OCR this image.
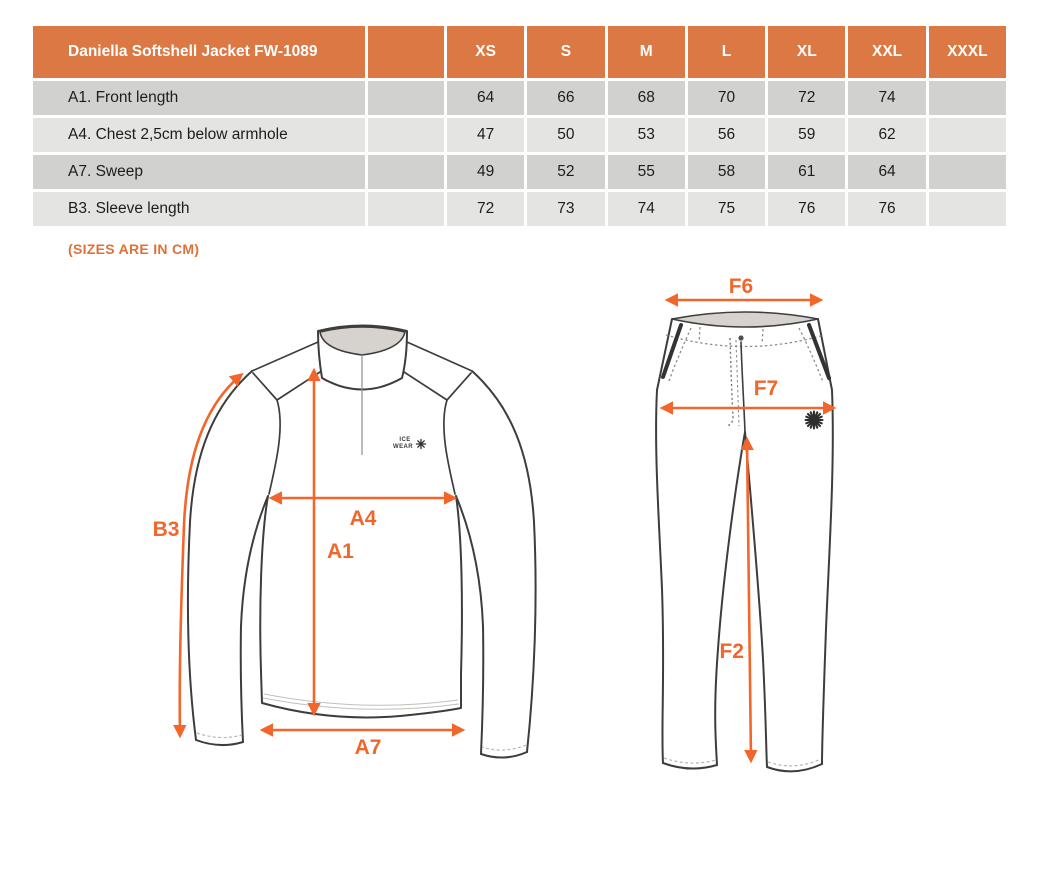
Daniella Softshell Jacket FW-1089	XS	S	M	L	XL	XXL	XXXL
A1. Front length	64	66	68	70	72	74
A4. Chest 2,5cm below armhole	47	50	53	56	59	62
A7. Sweep	49	52	55	58	61	64
B3. Sleeve length	72	73	74	75	76	76
(SIZES ARE IN CM)
ICE
WEAR
B3	A4
A1
A7
F6
F7
F2
